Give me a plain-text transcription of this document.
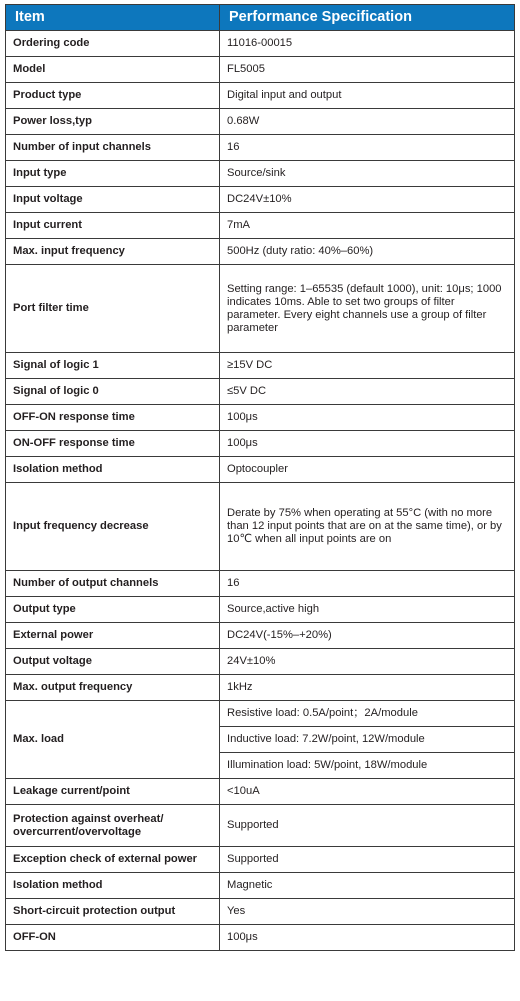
Item	Performance Specification
Ordering code	11016-00015
Model	FL5005
Product type	Digital input and output
Power loss,typ	0.68W
Number of input channels	16
Input type	Source/sink
Input voltage	DC24V±10%
Input current	7mA
Max. input frequency	500Hz (duty ratio: 40%–60%)
Port filter time	Setting range: 1–65535 (default 1000), unit: 10μs; 1000 indicates 10ms. Able to set two groups of filter parameter. Every eight channels use a group of filter parameter
Signal of logic 1	≥15V DC
Signal of logic 0	≤5V DC
OFF-ON response time	100μs
ON-OFF response time	100μs
Isolation method	Optocoupler
Input frequency decrease	Derate by 75% when operating at 55°C (with no more than 12 input points that are on at the same time), or by 10℃ when all input points are on
Number of output channels	16
Output type	Source,active high
External power	DC24V(-15%–+20%)
Output voltage	24V±10%
Max. output frequency	1kHz
Max. load	Resistive load: 0.5A/point；2A/module
	Inductive load: 7.2W/point, 12W/module
	Illumination load: 5W/point, 18W/module
Leakage current/point	<10uA
Protection against overheat/ overcurrent/overvoltage	Supported
Exception check of external power	Supported
Isolation method	Magnetic
Short-circuit protection output	Yes
OFF-ON	100μs
